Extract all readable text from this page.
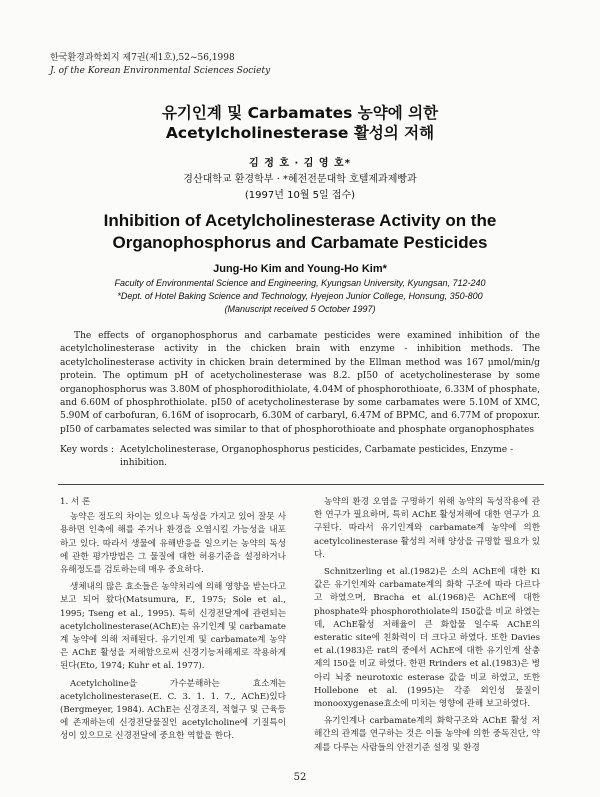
한국환경과학회지 제7권(제1호),52~56,1998
J. of the Korean Environmental Sciences Society
유기인계 및 Carbamates 농약에 의한
Acetylcholinesterase 활성의 저해
김 정 호 · 김 영 호*
경산대학교 환경학부 · *혜전전문대학 호텔제과제빵과
(1997년 10월 5일 접수)
Inhibition of Acetylcholinesterase Activity on the
Organophosphorus and Carbamate Pesticides
Jung-Ho Kim and Young-Ho Kim*
Faculty of Environmental Science and Engineering, Kyungsan University, Kyungsan, 712-240
*Dept. of Hotel Baking Science and Technology, Hyejeon Junior College, Honsung, 350-800
(Manuscript received 5 October 1997)
The effects of organophosphorus and carbamate pesticides were examined inhibition of the acetylcholinesterase activity in the chicken brain with enzyme - inhibition methods. The acetylcholinesterase activity in chicken brain determined by the Ellman method was 167 μmol/min/g protein. The optimum pH of acetycholinesterase was 8.2. pI50 of acetycholinesterase by some organophosphorus was 3.80M of phosphorodithiolate, 4.04M of phosphorothioate, 6.33M of phosphate, and 6.60M of phosphrothiolate. pI50 of acetycholinesterase by some carbamates were 5.10M of XMC, 5.90M of carbofuran, 6.16M of isoprocarb, 6.30M of carbaryl, 6.47M of BPMC, and 6.77M of propoxur. pI50 of carbamates selected was similar to that of phosphorothioate and phosphate organophosphates
Key words : Acetylcholinesterase, Organophosphorus pesticides, Carbamate pesticides, Enzyme - inhibition.

1. 서 론

농약은 정도의 차이는 있으나 독성을 가지고 있어 잘못 사용하면 인축에 해를 주거나 환경을 오염시킬 가능성을 내포하고 있다. 따라서 생물에 유해반응을 일으키는 농약의 독성에 관한 평가방법은 그 물질에 대한 허용기준을 설정하거나 유해정도를 검토하는데 매우 중요하다.

생체내의 많은 효소들은 농약처리에 의해 영향을 받는다고 보고 되어 왔다(Matsumura, F., 1975; Sole et al., 1995; Tseng et al., 1995). 특히 신경전달계에 관련되는 acetylcholinesterase(AChE)는 유기인계 및 carbamate계 농약에 의해 저해된다. 유기인계 및 carbamate계 농약은 AChE 활성을 저해함으로써 신경기능저해제로 작용하게 된다(Eto, 1974; Kuhr et al. 1977).

Acetylcholine을 가수분해하는 효소계는 acetylcholinesterase(E. C. 3. 1. 1. 7., AChE)있다(Bergmeyer, 1984). AChE는 신경조직, 적혈구 및 근육등에 존재하는데 신경전달물질인 acetylcholine에 기질특이성이 있으므로 신경전달에 중요한 역할을 한다.

농약의 환경 오염을 구명하기 위해 농약의 독성작용에 관한 연구가 필요하며, 특히 AChE 활성저해에 대한 연구가 요구된다. 따라서 유기인계와 carbamate계 농약에 의한 acetylcolinesterase 활성의 저해 양상을 규명할 필요가 있다.

Schnitzerling et al.(1982)은 소의 AChE에 대한 Ki 값은 유기인계와 carbamate계의 화학 구조에 따라 다르다고 하였으며, Bracha et al.(1968)은 AChE에 대한 phosphate와 phosphorothiolate의 I50값을 비교 하였는데, AChE활성 저해율이 큰 화합물 일수록 AChE의 esteratic site에 친화력이 더 크다고 하였다. 또한 Davies et al.(1983)은 rat의 중에서 AChE에 대한 유기인계 살충제의 I50을 비교 하였다. 한편 Rrinders et al.(1983)은 병아리 뇌중 neurotoxic esterase 값을 비교 하였고, 또한 Hollebone et al. (1995)는 각종 외인성 물질이 monooxygenase효소에 미치는 영향에 관해 보고하였다.

유기인계나 carbamate계의 화학구조와 AChE 활성 저해간의 관계를 연구하는 것은 이들 농약에 의한 중독진단, 약제를 다루는 사람들의 안전기준 설정 및 환경

52
